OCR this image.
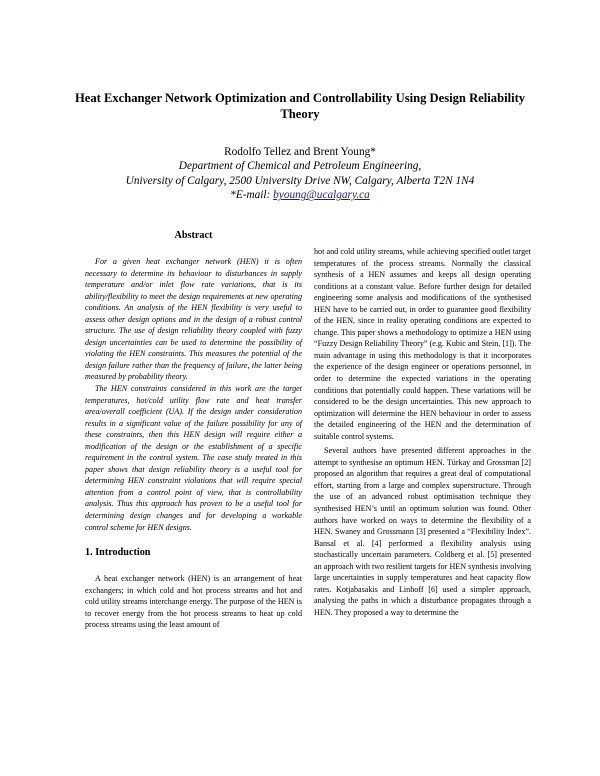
Heat Exchanger Network Optimization and Controllability Using Design Reliability Theory
Rodolfo Tellez and Brent Young*
Department of Chemical and Petroleum Engineering,
University of Calgary, 2500 University Drive NW, Calgary, Alberta T2N 1N4
*E-mail: byoung@ucalgary.ca
Abstract

For a given heat exchanger network (HEN) it is often necessary to determine its behaviour to disturbances in supply temperature and/or inlet flow rate variations, that is its ability/flexibility to meet the design requirements at new operating conditions. An analysis of the HEN flexibility is very useful to assess other design options and in the design of a robust control structure. The use of design reliability theory coupled with fuzzy design uncertainties can be used to determine the possibility of violating the HEN constraints. This measures the potential of the design failure rather than the frequency of failure, the latter being measured by probability theory.

The HEN constraints considered in this work are the target temperatures, hot/cold utility flow rate and heat transfer area/overall coefficient (UA). If the design under consideration results in a significant value of the failure possibility for any of these constraints, then this HEN design will require either a modification of the design or the establishment of a specific requirement in the control system. The case study treated in this paper shows that design reliability theory is a useful tool for determining HEN constraint violations that will require special attention from a control point of view, that is controllability analysis. Thus this approach has proven to be a useful tool for determining design changes and for developing a workable control scheme for HEN designs.

1. Introduction

A heat exchanger network (HEN) is an arrangement of heat exchangers; in which cold and hot process streams and hot and cold utility streams interchange energy. The purpose of the HEN is to recover energy from the hot process streams to heat up cold process streams using the least amount of

hot and cold utility streams, while achieving specified outlet target temperatures of the process streams. Normally the classical synthesis of a HEN assumes and keeps all design operating conditions at a constant value. Before further design for detailed engineering some analysis and modifications of the synthesised HEN have to be carried out, in order to guarantee good flexibility of the HEN, since in reality operating conditions are expected to change. This paper shows a methodology to optimize a HEN using “Fuzzy Design Reliability Theory” (e.g. Kubic and Stein, [1]). The main advantage in using this methodology is that it incorporates the experience of the design engineer or operations personnel, in order to determine the expected variations in the operating conditions that potentially could happen. These variations will be considered to be the design uncertainties. This new approach to optimization will determine the HEN behaviour in order to assess the detailed engineering of the HEN and the determination of suitable control systems.

Several authors have presented different approaches in the attempt to synthesise an optimum HEN. Türkay and Grossman [2] proposed an algorithm that requires a great deal of computational effort, starting from a large and complex superstructure. Through the use of an advanced robust optimisation technique they synthesised HEN’s until an optimum solution was found. Other authors have worked on ways to determine the flexibility of a HEN. Swaney and Grossmann [3] presented a “Flexibility Index”. Bansal et al. [4] performed a flexibility analysis using stochastically uncertain parameters. Coldberg et al. [5] presented an approach with two resilient targets for HEN synthesis involving large uncertainties in supply temperatures and heat capacity flow rates. Kotjabasakis and Linhoff [6] used a simpler approach, analysing the paths in which a disturbance propagates through a HEN. They proposed a way to determine the
